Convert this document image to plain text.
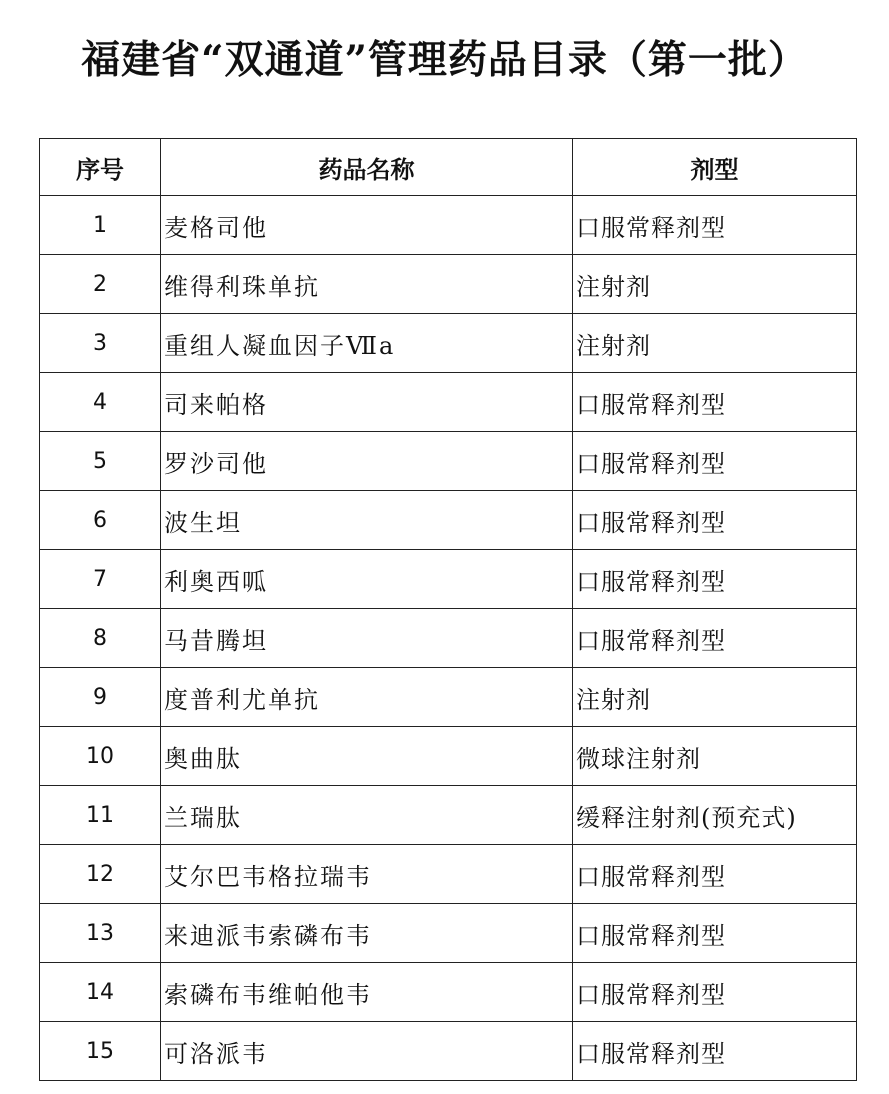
福建省“双通道”管理药品目录（第一批）
序号	药品名称	剂型
1	麦格司他	口服常释剂型
2	维得利珠单抗	注射剂
3	重组人凝血因子Ⅶa	注射剂
4	司来帕格	口服常释剂型
5	罗沙司他	口服常释剂型
6	波生坦	口服常释剂型
7	利奥西呱	口服常释剂型
8	马昔腾坦	口服常释剂型
9	度普利尤单抗	注射剂
10	奥曲肽	微球注射剂
11	兰瑞肽	缓释注射剂(预充式)
12	艾尔巴韦格拉瑞韦	口服常释剂型
13	来迪派韦索磷布韦	口服常释剂型
14	索磷布韦维帕他韦	口服常释剂型
15	可洛派韦	口服常释剂型
